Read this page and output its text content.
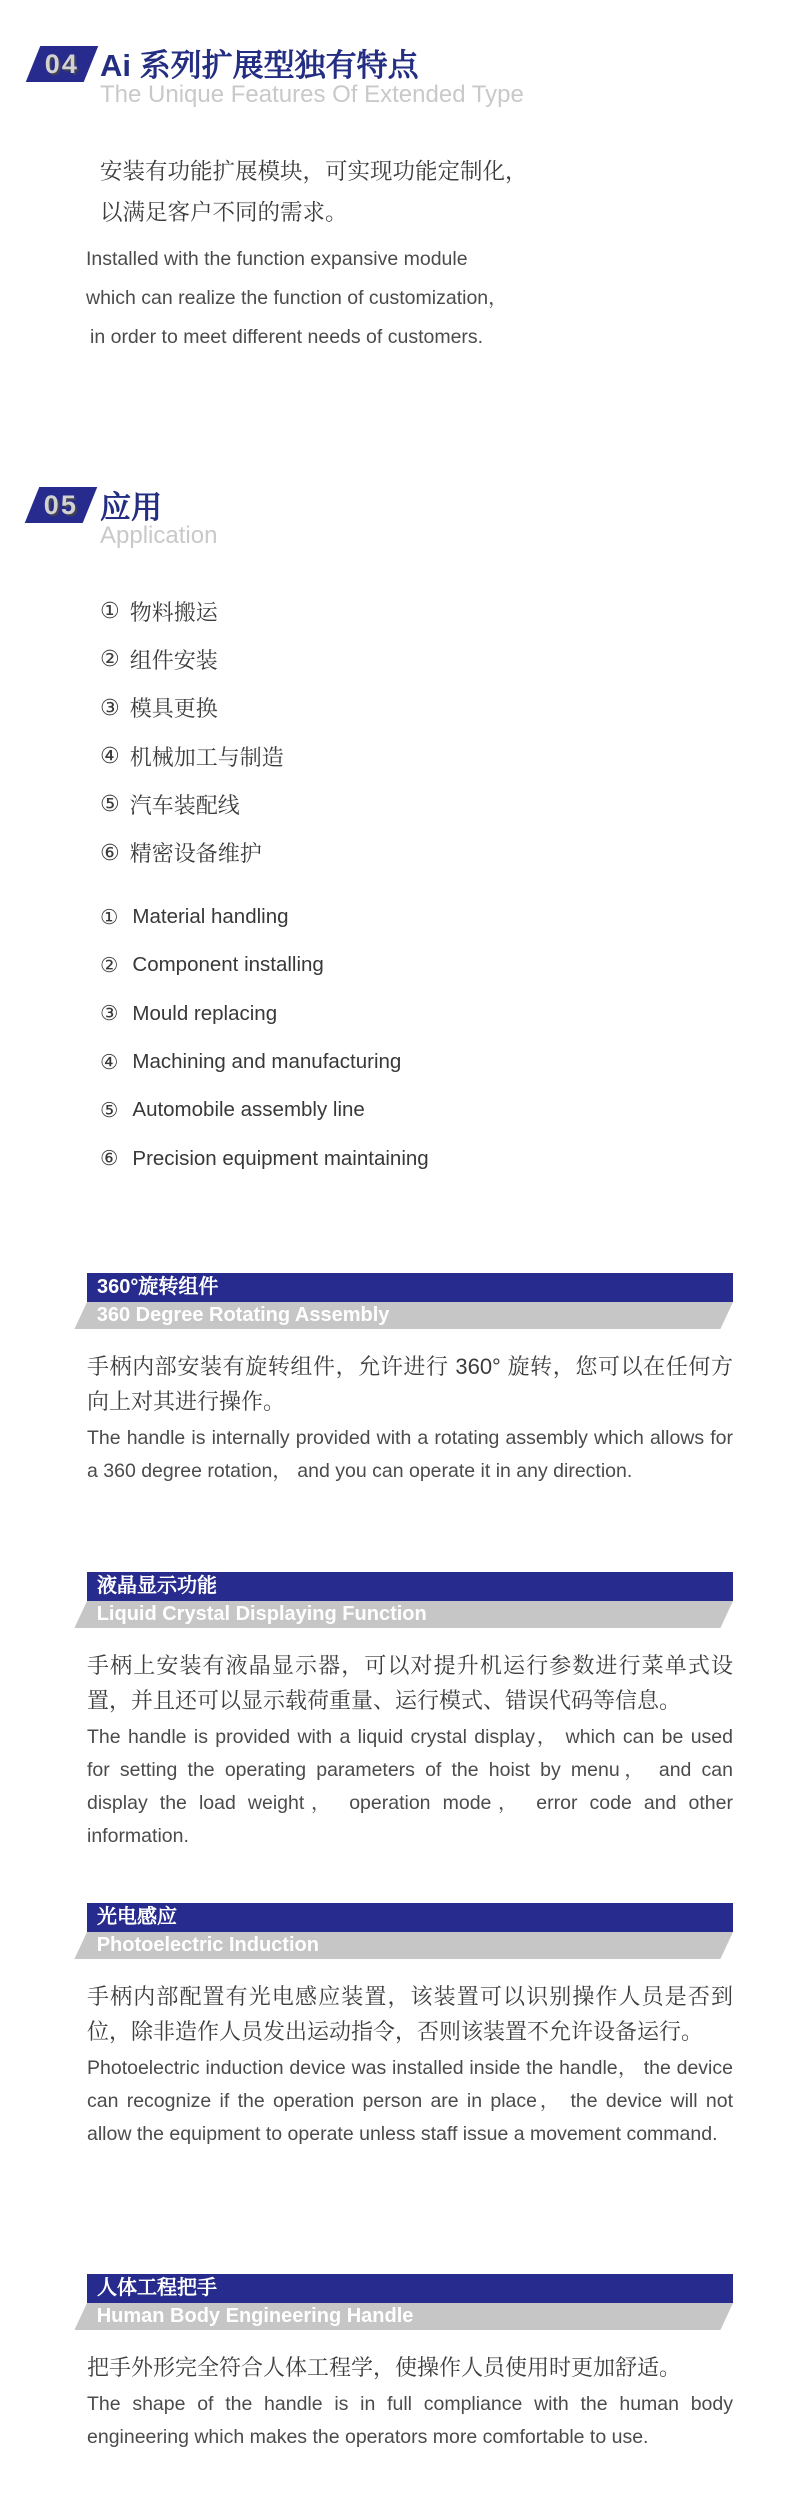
04 Ai 系列扩展型独有特点
The Unique Features Of Extended Type
安装有功能扩展模块，可实现功能定制化，
以满足客户不同的需求。
Installed with the function expansive module
which can realize the function of customization，
in order to meet different needs of customers.
05 应用
Application
① 物料搬运
② 组件安装
③ 模具更换
④ 机械加工与制造
⑤ 汽车装配线
⑥ 精密设备维护
① Material handling
② Component installing
③ Mould replacing
④ Machining and manufacturing
⑤ Automobile assembly line
⑥ Precision equipment maintaining
360°旋转组件
360 Degree Rotating Assembly
手柄内部安装有旋转组件，允许进行 360° 旋转，您可以在任何方向上对其进行操作。
The handle is internally provided with a rotating assembly which allows for a 360 degree rotation， and you can operate it in any direction.
液晶显示功能
Liquid Crystal Displaying Function
手柄上安装有液晶显示器，可以对提升机运行参数进行菜单式设置，并且还可以显示载荷重量、运行模式、错误代码等信息。
The handle is provided with a liquid crystal display， which can be used for setting the operating parameters of the hoist by menu， and can display the load weight， operation mode， error code and other information.
光电感应
Photoelectric Induction
手柄内部配置有光电感应装置，该装置可以识别操作人员是否到位，除非造作人员发出运动指令，否则该装置不允许设备运行。
Photoelectric induction device was installed inside the handle， the device can recognize if the operation person are in place， the device will not allow the equipment to operate unless staff issue a movement command.
人体工程把手
Human Body Engineering Handle
把手外形完全符合人体工程学，使操作人员使用时更加舒适。
The shape of the handle is in full compliance with the human body engineering which makes the operators more comfortable to use.
